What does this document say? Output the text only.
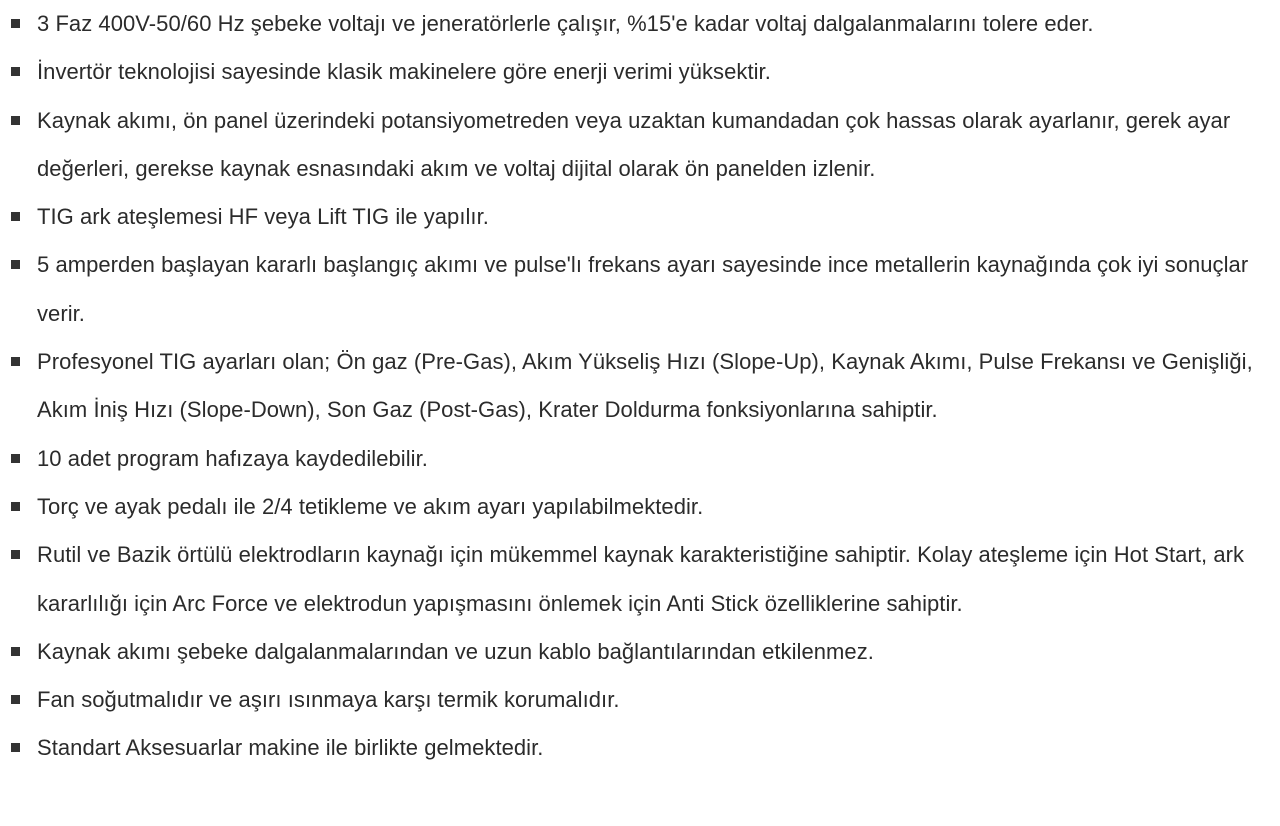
3 Faz 400V-50/60 Hz şebeke voltajı ve jeneratörlerle çalışır, %15'e kadar voltaj dalgalanmalarını tolere eder.
İnvertör teknolojisi sayesinde klasik makinelere göre enerji verimi yüksektir.
Kaynak akımı, ön panel üzerindeki potansiyometreden veya uzaktan kumandadan çok hassas olarak ayarlanır, gerek ayar değerleri, gerekse kaynak esnasındaki akım ve voltaj dijital olarak ön panelden izlenir.
TIG ark ateşlemesi HF veya Lift TIG ile yapılır.
5 amperden başlayan kararlı başlangıç akımı ve pulse'lı frekans ayarı sayesinde ince metallerin kaynağında çok iyi sonuçlar verir.
Profesyonel TIG ayarları olan; Ön gaz (Pre-Gas), Akım Yükseliş Hızı (Slope-Up), Kaynak Akımı, Pulse Frekansı ve Genişliği, Akım İniş Hızı (Slope-Down), Son Gaz (Post-Gas), Krater Doldurma fonksiyonlarına sahiptir.
10 adet program hafızaya kaydedilebilir.
Torç ve ayak pedalı ile 2/4 tetikleme ve akım ayarı yapılabilmektedir.
Rutil ve Bazik örtülü elektrodların kaynağı için mükemmel kaynak karakteristiğine sahiptir. Kolay ateşleme için Hot Start, ark kararlılığı için Arc Force ve elektrodun yapışmasını önlemek için Anti Stick özelliklerine sahiptir.
Kaynak akımı şebeke dalgalanmalarından ve uzun kablo bağlantılarından etkilenmez.
Fan soğutmalıdır ve aşırı ısınmaya karşı termik korumalıdır.
Standart Aksesuarlar makine ile birlikte gelmektedir.
